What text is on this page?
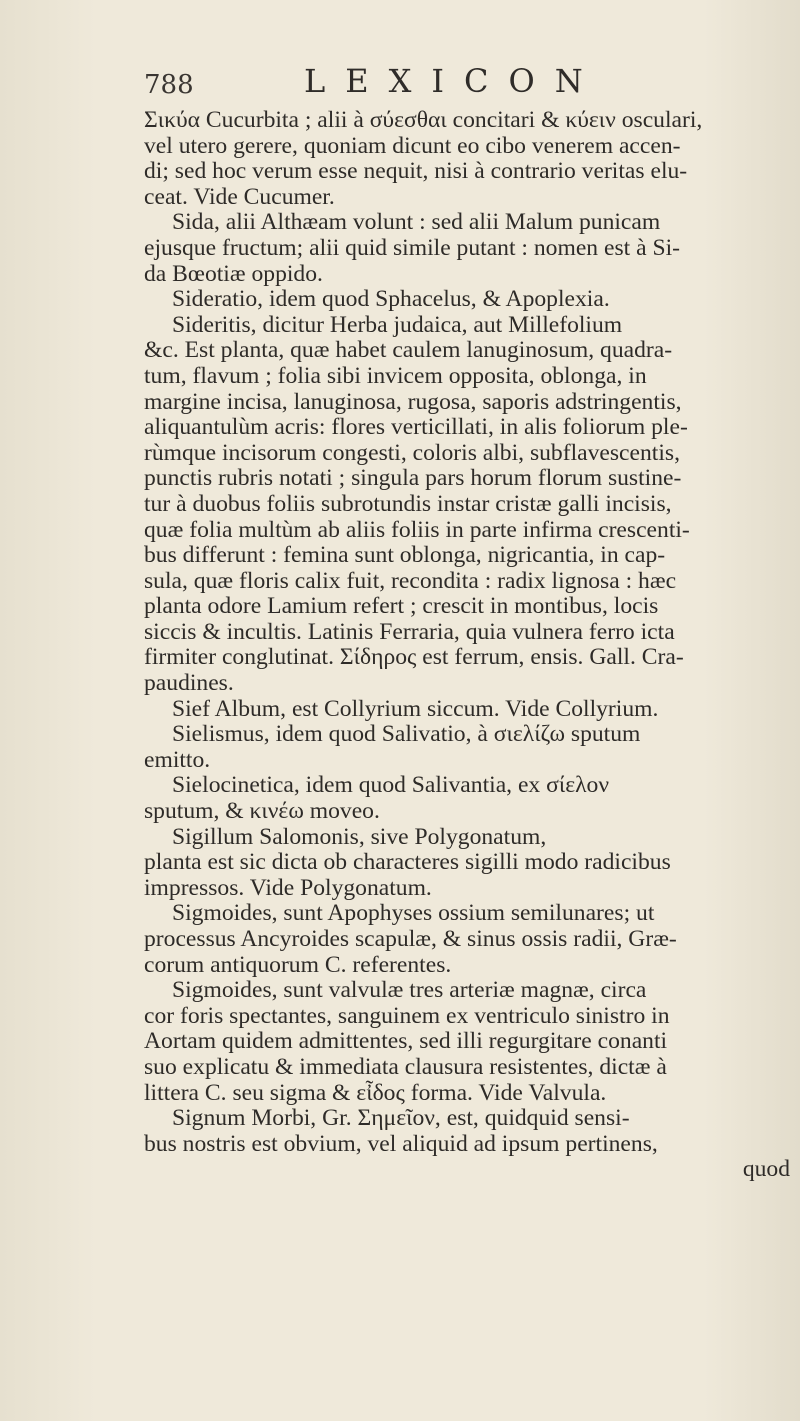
788	LEXICON
Σικύα Cucurbita ; alii à σύεσθαι concitari & κύειν osculari,
vel utero gerere, quoniam dicunt eo cibo venerem accen-
di; sed hoc verum esse nequit, nisi à contrario veritas elu-
ceat. Vide Cucumer.
Sida, alii Althæam volunt : sed alii Malum punicam
ejusque fructum; alii quid simile putant : nomen est à Si-
da Bœotiæ oppido.
Sideratio, idem quod Sphacelus, & Apoplexia.
Sideritis, dicitur Herba judaica, aut Millefolium
&c. Est planta, quæ habet caulem lanuginosum, quadra-
tum, flavum ; folia sibi invicem opposita, oblonga, in
margine incisa, lanuginosa, rugosa, saporis adstringentis,
aliquantulùm acris: flores verticillati, in alis foliorum ple-
rùmque incisorum congesti, coloris albi, subflavescentis,
punctis rubris notati ; singula pars horum florum sustine-
tur à duobus foliis subrotundis instar cristæ galli incisis,
quæ folia multùm ab aliis foliis in parte infirma crescenti-
bus differunt : femina sunt oblonga, nigricantia, in cap-
sula, quæ floris calix fuit, recondita : radix lignosa : hæc
planta odore Lamium refert ; crescit in montibus, locis
siccis & incultis. Latinis Ferraria, quia vulnera ferro icta
firmiter conglutinat. Σίδηρος est ferrum, ensis. Gall. Cra-
paudines.
Sief Album, est Collyrium siccum. Vide Collyrium.
Sielismus, idem quod Salivatio, à σιελίζω sputum
emitto.
Sielocinetica, idem quod Salivantia, ex σίελον
sputum, & κινέω moveo.
Sigillum Salomonis, sive Polygonatum,
planta est sic dicta ob characteres sigilli modo radicibus
impressos. Vide Polygonatum.
Sigmoides, sunt Apophyses ossium semilunares; ut
processus Ancyroides scapulæ, & sinus ossis radii, Græ-
corum antiquorum C. referentes.
Sigmoides, sunt valvulæ tres arteriæ magnæ, circa
cor foris spectantes, sanguinem ex ventriculo sinistro in
Aortam quidem admittentes, sed illi regurgitare conanti
suo explicatu & immediata clausura resistentes, dictæ à
littera C. seu sigma & εἶδος forma. Vide Valvula.
Signum Morbi, Gr. Σημεῖον, est, quidquid sensi-
bus nostris est obvium, vel aliquid ad ipsum pertinens,
quod
